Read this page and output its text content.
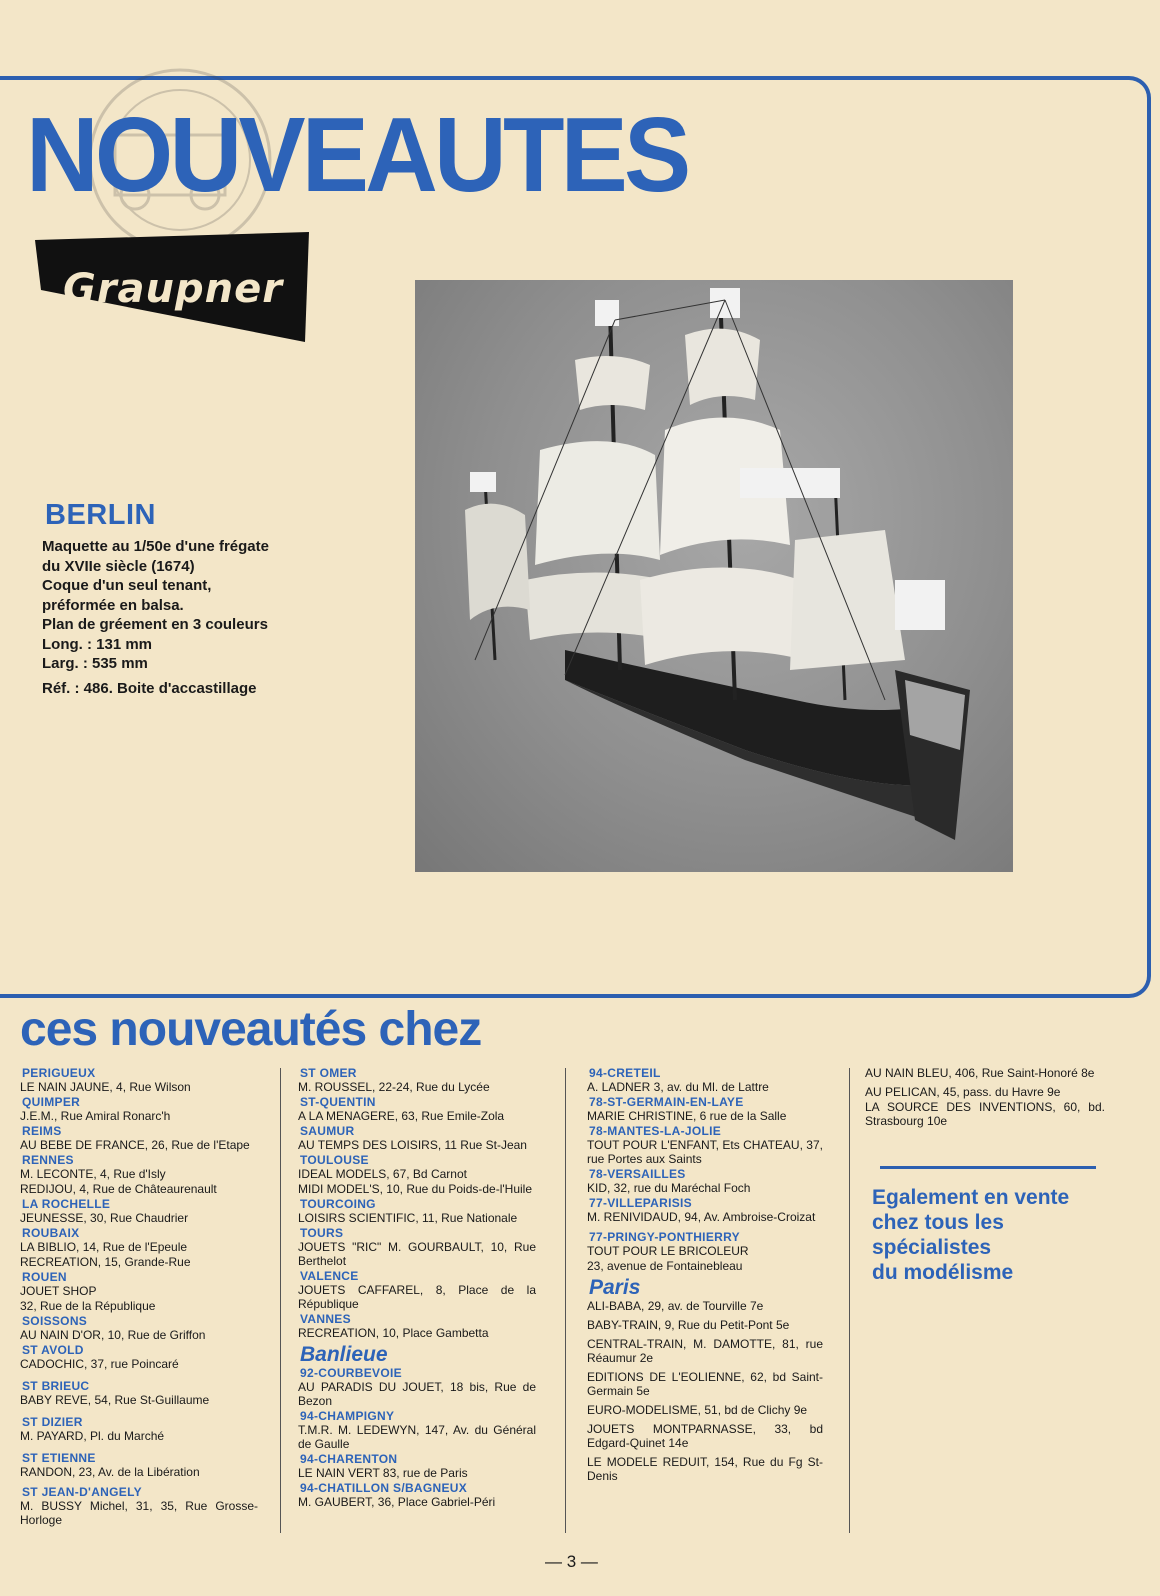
NOUVEAUTES
Graupner

BERLIN

Maquette au 1/50e d'une frégate

du XVIIe siècle (1674)

Coque d'un seul tenant,

préformée en balsa.

Plan de gréement en 3 couleurs

Long. : 131 mm

Larg. : 535 mm

Réf. : 486. Boite d'accastillage

ces nouveautés chez
PERIGUEUX
LE NAIN JAUNE, 4, Rue Wilson
QUIMPER
J.E.M., Rue Amiral Ronarc'h
REIMS
AU BEBE DE FRANCE, 26, Rue de l'Etape
RENNES
M. LECONTE, 4, Rue d'Isly
REDIJOU, 4, Rue de Châteaurenault
LA ROCHELLE
JEUNESSE, 30, Rue Chaudrier
ROUBAIX
LA BIBLIO, 14, Rue de l'Epeule
RECREATION, 15, Grande-Rue
ROUEN
JOUET SHOP
32, Rue de la République
SOISSONS
AU NAIN D'OR, 10, Rue de Griffon
ST AVOLD
CADOCHIC, 37, rue Poincaré
ST BRIEUC
BABY REVE, 54, Rue St-Guillaume
ST DIZIER
M. PAYARD, Pl. du Marché
ST ETIENNE
RANDON, 23, Av. de la Libération
ST JEAN-D'ANGELY
M. BUSSY Michel, 31, 35, Rue Grosse-Horloge
ST OMER
M. ROUSSEL, 22-24, Rue du Lycée
ST-QUENTIN
A LA MENAGERE, 63, Rue Emile-Zola
SAUMUR
AU TEMPS DES LOISIRS, 11 Rue St-Jean
TOULOUSE
IDEAL MODELS, 67, Bd Carnot
MIDI MODEL'S, 10, Rue du Poids-de-l'Huile
TOURCOING
LOISIRS SCIENTIFIC, 11, Rue Nationale
TOURS
JOUETS "RIC" M. GOURBAULT, 10, Rue Berthelot
VALENCE
JOUETS CAFFAREL, 8, Place de la République
VANNES
RECREATION, 10, Place Gambetta
Banlieue
92-COURBEVOIE
AU PARADIS DU JOUET, 18 bis, Rue de Bezon
94-CHAMPIGNY
T.M.R. M. LEDEWYN, 147, Av. du Général de Gaulle
94-CHARENTON
LE NAIN VERT 83, rue de Paris
94-CHATILLON S/BAGNEUX
M. GAUBERT, 36, Place Gabriel-Péri
94-CRETEIL
A. LADNER 3, av. du Ml. de Lattre
78-ST-GERMAIN-EN-LAYE
MARIE CHRISTINE, 6 rue de la Salle
78-MANTES-LA-JOLIE
TOUT POUR L'ENFANT, Ets CHATEAU, 37, rue Portes aux Saints
78-VERSAILLES
KID, 32, rue du Maréchal Foch
77-VILLEPARISIS
M. RENIVIDAUD, 94, Av. Ambroise-Croizat
77-PRINGY-PONTHIERRY
TOUT POUR LE BRICOLEUR
23, avenue de Fontainebleau
Paris
ALI-BABA, 29, av. de Tourville 7e
BABY-TRAIN, 9, Rue du Petit-Pont 5e
CENTRAL-TRAIN, M. DAMOTTE, 81, rue Réaumur 2e
EDITIONS DE L'EOLIENNE, 62, bd Saint-Germain 5e
EURO-MODELISME, 51, bd de Clichy 9e
JOUETS MONTPARNASSE, 33, bd Edgard-Quinet 14e
LE MODELE REDUIT, 154, Rue du Fg St-Denis
AU NAIN BLEU, 406, Rue Saint-Honoré 8e
AU PELICAN, 45, pass. du Havre 9e
LA SOURCE DES INVENTIONS, 60, bd. Strasbourg 10e
Egalement en vente
chez tous les
spécialistes
du modélisme
— 3 —
